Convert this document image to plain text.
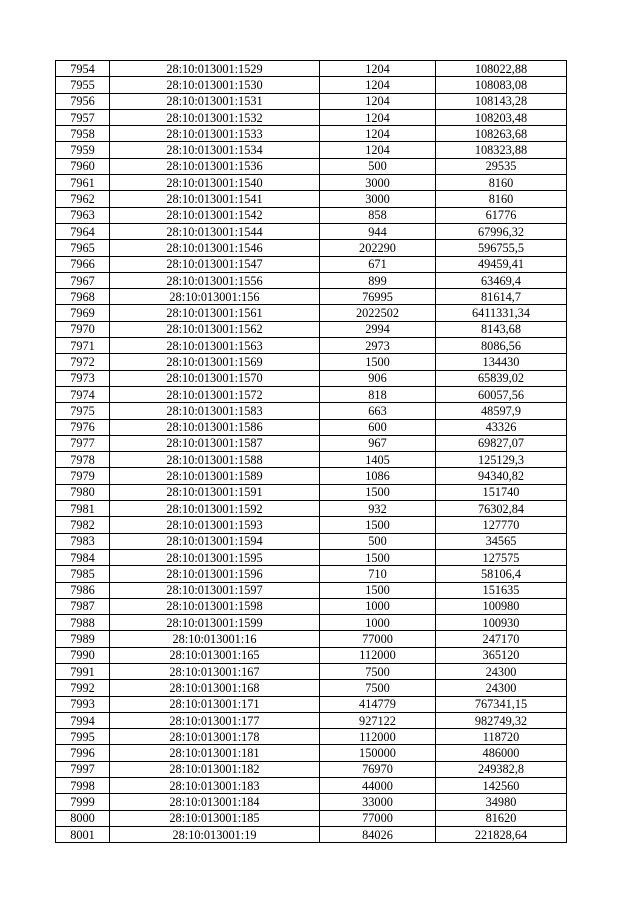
7954	28:10:013001:1529	1204	108022,88
7955	28:10:013001:1530	1204	108083,08
7956	28:10:013001:1531	1204	108143,28
7957	28:10:013001:1532	1204	108203,48
7958	28:10:013001:1533	1204	108263,68
7959	28:10:013001:1534	1204	108323,88
7960	28:10:013001:1536	500	29535
7961	28:10:013001:1540	3000	8160
7962	28:10:013001:1541	3000	8160
7963	28:10:013001:1542	858	61776
7964	28:10:013001:1544	944	67996,32
7965	28:10:013001:1546	202290	596755,5
7966	28:10:013001:1547	671	49459,41
7967	28:10:013001:1556	899	63469,4
7968	28:10:013001:156	76995	81614,7
7969	28:10:013001:1561	2022502	6411331,34
7970	28:10:013001:1562	2994	8143,68
7971	28:10:013001:1563	2973	8086,56
7972	28:10:013001:1569	1500	134430
7973	28:10:013001:1570	906	65839,02
7974	28:10:013001:1572	818	60057,56
7975	28:10:013001:1583	663	48597,9
7976	28:10:013001:1586	600	43326
7977	28:10:013001:1587	967	69827,07
7978	28:10:013001:1588	1405	125129,3
7979	28:10:013001:1589	1086	94340,82
7980	28:10:013001:1591	1500	151740
7981	28:10:013001:1592	932	76302,84
7982	28:10:013001:1593	1500	127770
7983	28:10:013001:1594	500	34565
7984	28:10:013001:1595	1500	127575
7985	28:10:013001:1596	710	58106,4
7986	28:10:013001:1597	1500	151635
7987	28:10:013001:1598	1000	100980
7988	28:10:013001:1599	1000	100930
7989	28:10:013001:16	77000	247170
7990	28:10:013001:165	112000	365120
7991	28:10:013001:167	7500	24300
7992	28:10:013001:168	7500	24300
7993	28:10:013001:171	414779	767341,15
7994	28:10:013001:177	927122	982749,32
7995	28:10:013001:178	112000	118720
7996	28:10:013001:181	150000	486000
7997	28:10:013001:182	76970	249382,8
7998	28:10:013001:183	44000	142560
7999	28:10:013001:184	33000	34980
8000	28:10:013001:185	77000	81620
8001	28:10:013001:19	84026	221828,64
